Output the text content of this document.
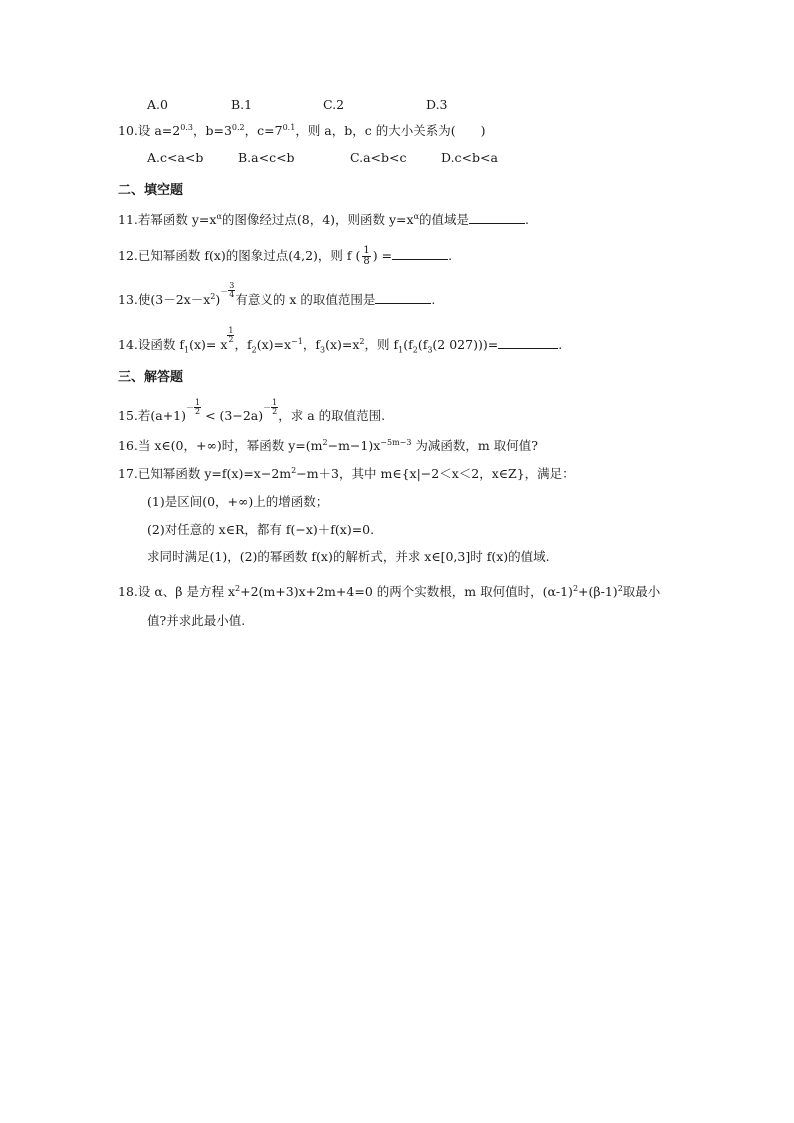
A.0	B.1	C.2	D.3
10.设 $a=2^{0.3}$，$b=3^{0.2}$，$c=7^{0.1}$，则 a，b，c 的大小关系为(　　)
A.c<a<b	B.a<c<b	C.a<b<c	D.c<b<a
二、填空题
11.若幂函数 $y=x^\alpha$的图像经过点(8，4)，则函数 $y=x^\alpha$的值域是	.
12.已知幂函数 f(x)的图象过点(4,2)，则 f ( $\frac{1}{8}$ ) =	.
13.使$(3-2x-x^2)^- \frac{3}{4}$
有意义的 x 的取值范围是	.
14.设函数 $f_1(x)= x$
$\frac{1}{2}$
，$f_2(x)=x^{-1}$，$f_3(x)=x^2$，则 $f_1(f_2(f_3(2$ 027)))=	.
三、解答题
15.若$(a+1)^- \frac{1}{2} < (3-2a)^- \frac{1}{2}$ ，求 a 的取值范围.
16.当 x∈(0，+∞)时，幂函数 $y=(m^2-m-1)x^{-5m-3}$ 为减函数，m 取何值?
17.已知幂函数 $y=f(x)=x-2m^2-m+3$，其中 m∈{x|−2＜x＜2，x∈Z}，满足：
(1)是区间(0，+∞)上的增函数；
(2)对任意的 x∈R，都有 f(−x)＋f(x)=0.
求同时满足(1)，(2)的幂函数 f(x)的解析式，并求 x∈[0,3]时 f(x)的值域.
18.设 α、β 是方程 $x^2+2(m+3)x+2m+4=0$ 的两个实数根，m 取何值时，$(\alpha-1)^2+(\beta-1)^2$取最小
值?并求此最小值.
